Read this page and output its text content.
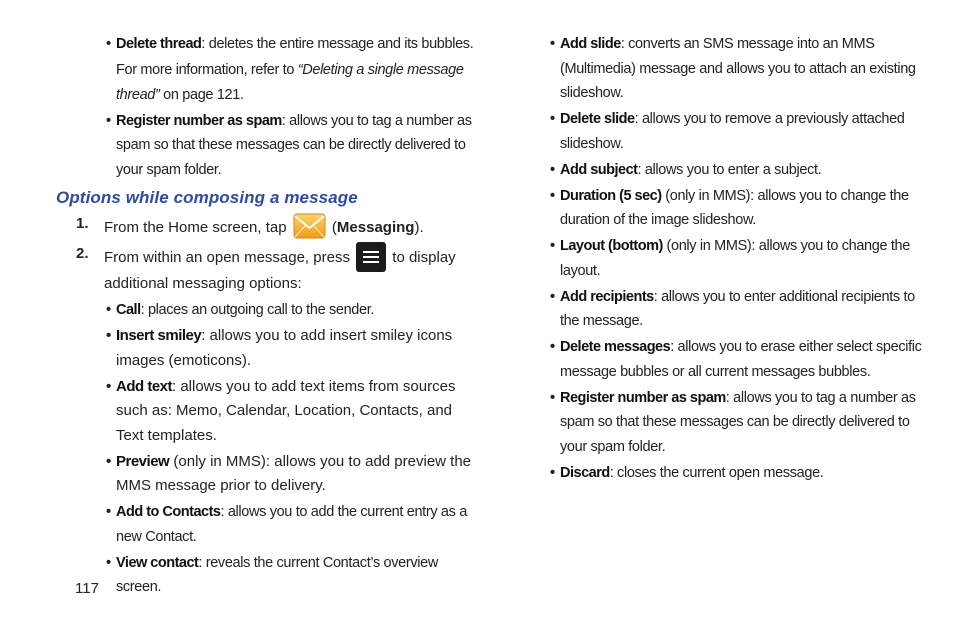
• Delete thread: deletes the entire message and its bubbles.
For more information, refer to “Deleting a single message thread” on page 121.
• Register number as spam: allows you to tag a number as spam so that these messages can be directly delivered to your spam folder.
Options while composing a message
1. From the Home screen, tap  (Messaging).
2. From within an open message, press
to display additional messaging options:
• Call: places an outgoing call to the sender.
• Insert smiley: allows you to add insert smiley icons images (emoticons).
• Add text: allows you to add text items from sources such as: Memo, Calendar, Location, Contacts, and Text templates.
• Preview (only in MMS): allows you to add preview the MMS message prior to delivery.
• Add to Contacts: allows you to add the current entry as a new Contact.
• View contact: reveals the current Contact’s overview screen.
• Add slide: converts an SMS message into an MMS (Multimedia) message and allows you to attach an existing slideshow.
• Delete slide: allows you to remove a previously attached slideshow.
• Add subject: allows you to enter a subject.
• Duration (5 sec) (only in MMS): allows you to change the duration of the image slideshow.
• Layout (bottom) (only in MMS): allows you to change the layout.
• Add recipients: allows you to enter additional recipients to the message.
• Delete messages: allows you to erase either select specific message bubbles or all current messages bubbles.
• Register number as spam: allows you to tag a number as spam so that these messages can be directly delivered to your spam folder.
• Discard: closes the current open message.
117
